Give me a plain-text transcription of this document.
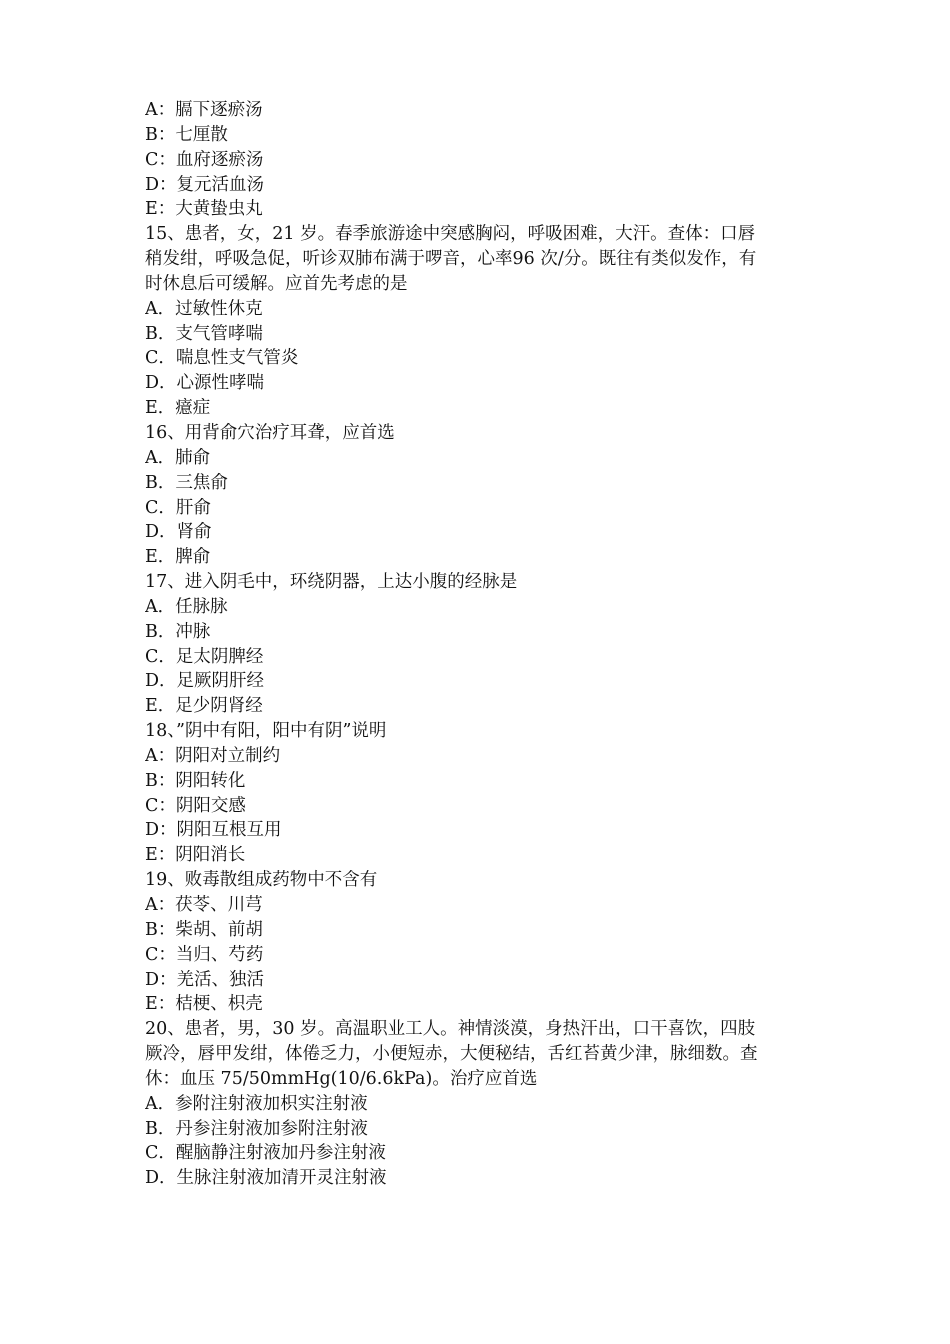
A：膈下逐瘀汤
B：七厘散
C：血府逐瘀汤
D：复元活血汤
E：大黄蛰虫丸
15、患者，女，21 岁。春季旅游途中突感胸闷，呼吸困难，大汗。查体：口唇
稍发绀，呼吸急促，听诊双肺布满于啰音，心率96 次/分。既往有类似发作，有
时休息后可缓解。应首先考虑的是
A．过敏性休克
B．支气管哮喘
C．喘息性支气管炎
D．心源性哮喘
E．癔症
16、用背俞穴治疗耳聋，应首选
A．肺俞
B．三焦俞
C．肝俞
D．肾俞
E．脾俞
17、进入阴毛中，环绕阴器，上达小腹的经脉是
A．任脉脉
B．冲脉
C．足太阴脾经
D．足厥阴肝经
E．足少阴肾经
18、”阴中有阳，阳中有阴”说明
A：阴阳对立制约
B：阴阳转化
C：阴阳交感
D：阴阳互根互用
E：阴阳消长
19、败毒散组成药物中不含有
A：茯苓、川芎
B：柴胡、前胡
C：当归、芍药
D：羌活、独活
E：桔梗、枳壳
20、患者，男，30 岁。高温职业工人。神情淡漠，身热汗出，口干喜饮，四肢
厥冷，唇甲发绀，体倦乏力，小便短赤，大便秘结，舌红苔黄少津，脉细数。查
休：血压 75/50mmHg(10/6.6kPa)。治疗应首选
A．参附注射液加枳实注射液
B．丹参注射液加参附注射液
C．醒脑静注射液加丹参注射液
D．生脉注射液加清开灵注射液
